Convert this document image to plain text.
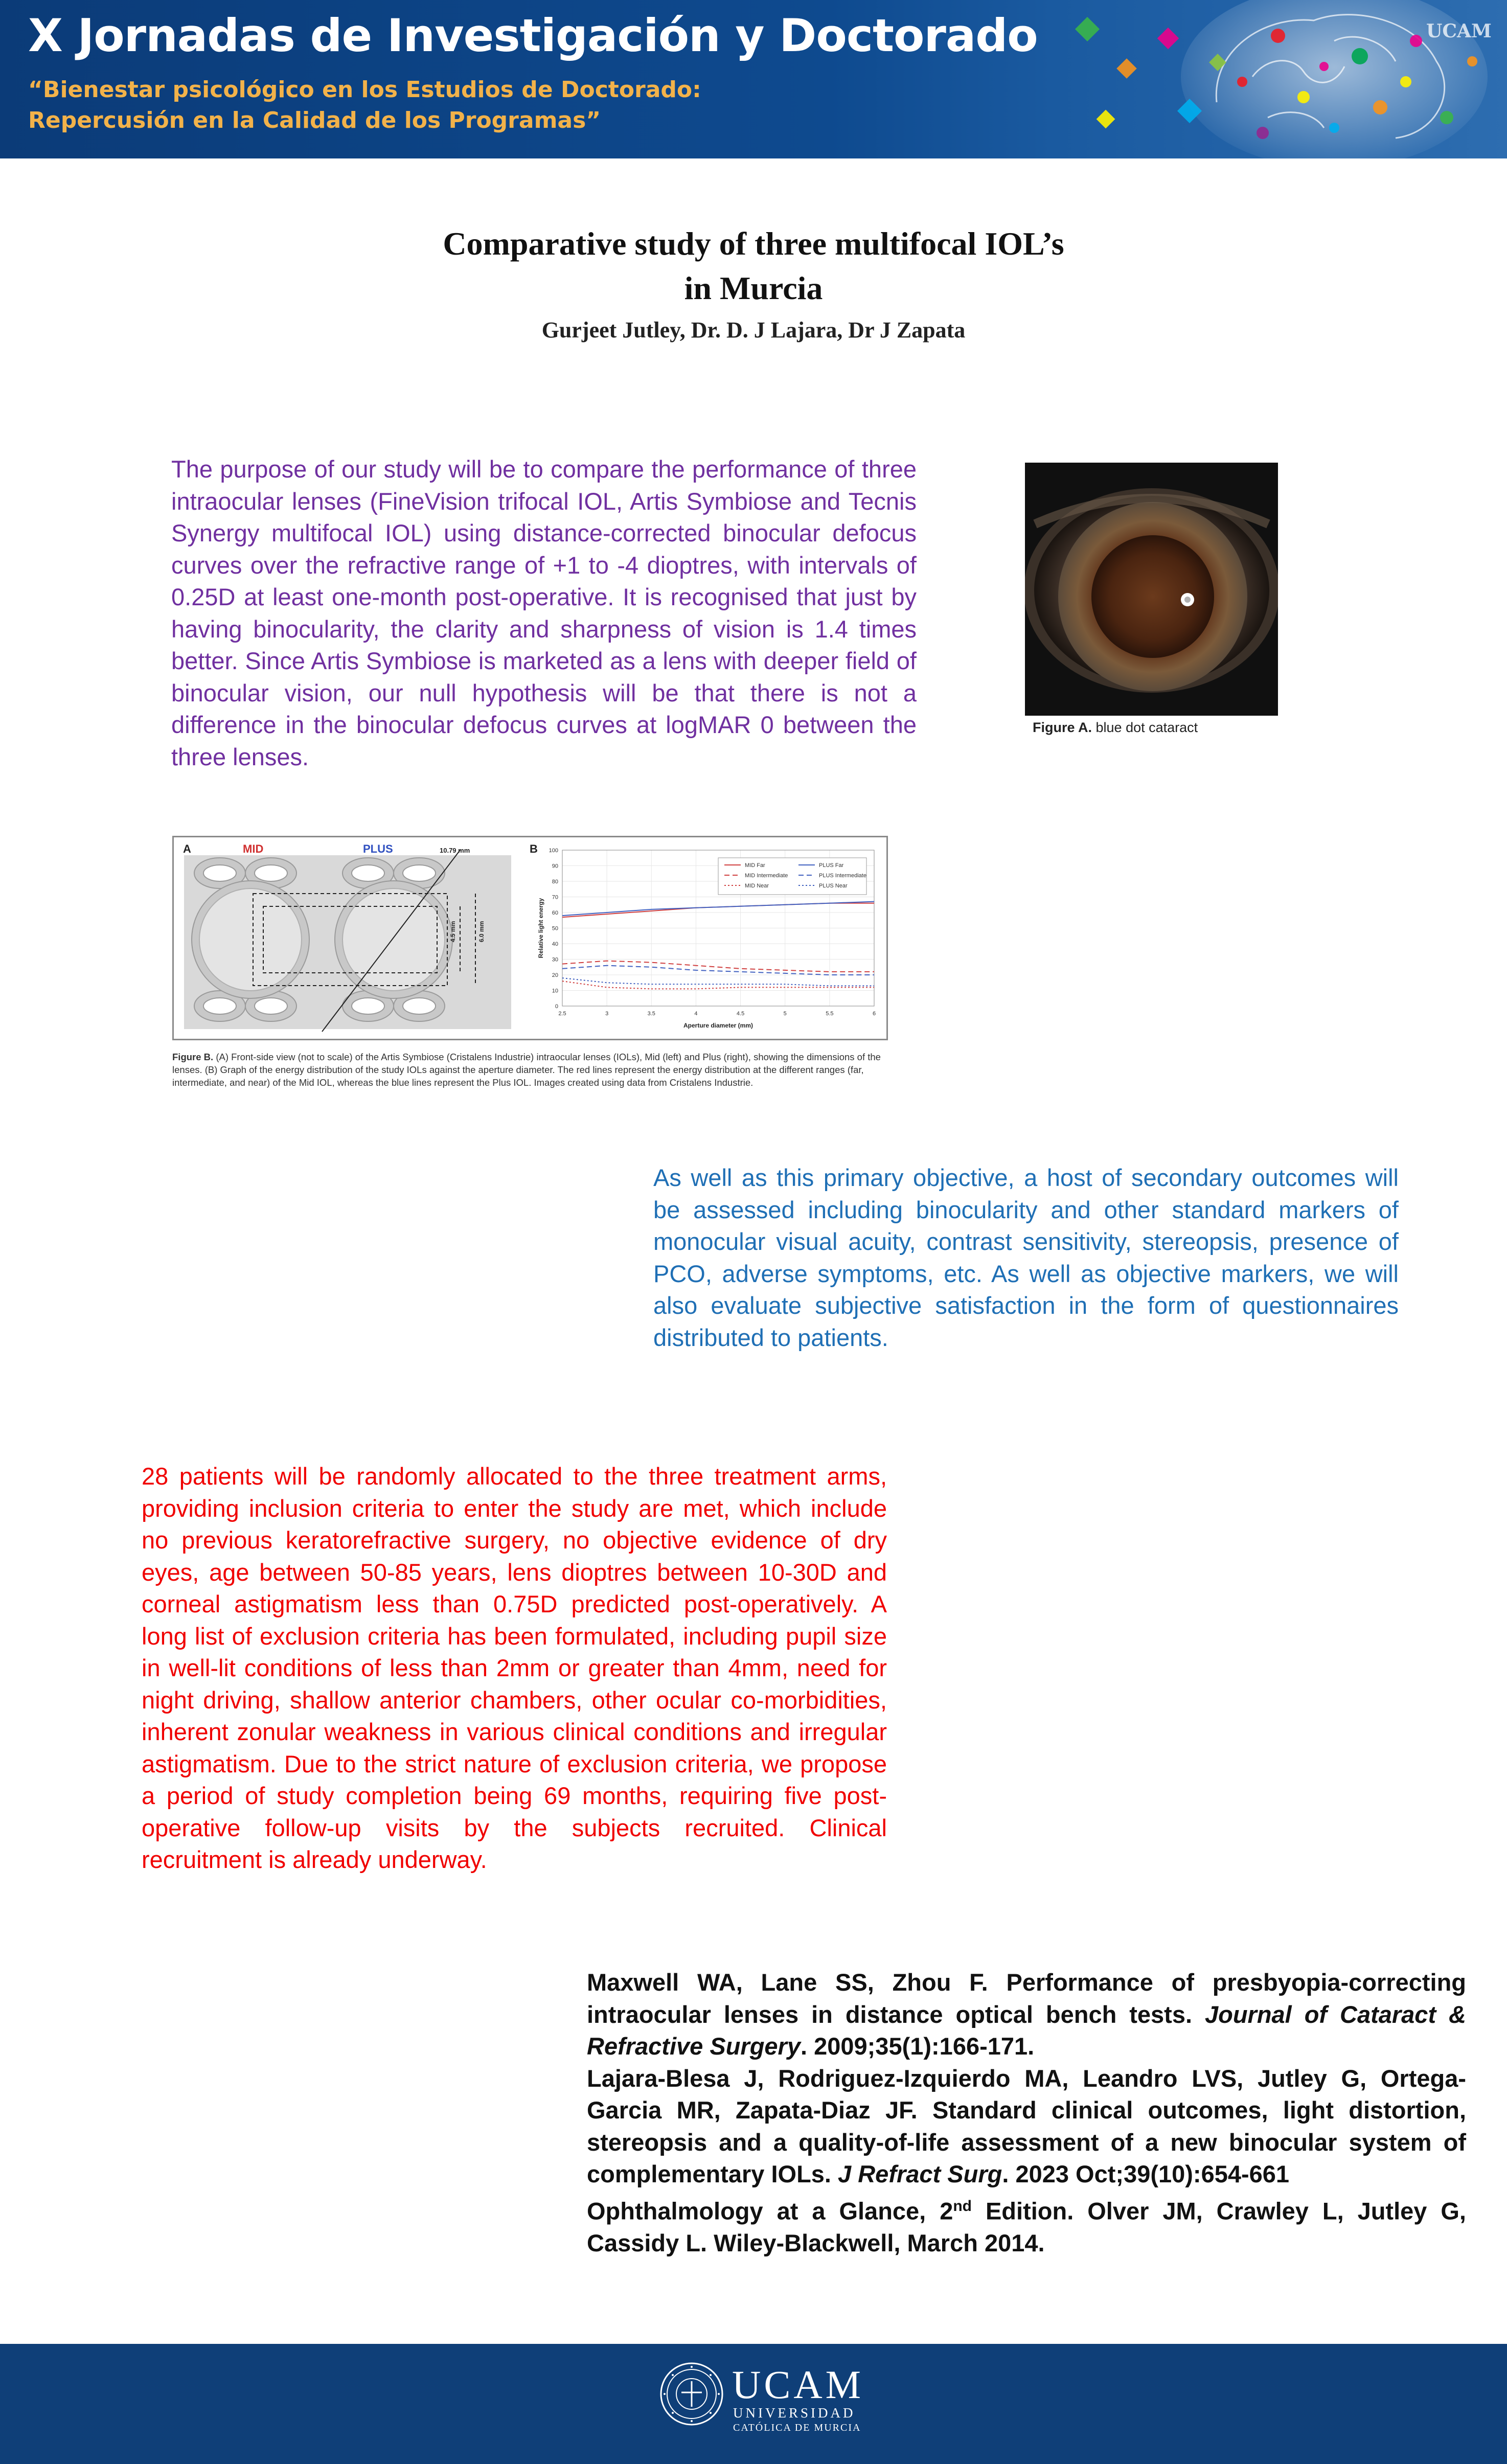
X Jornadas de Investigación y Doctorado
“Bienestar psicológico en los Estudios de Doctorado:
Repercusión en la Calidad de los Programas”
UCAM
Comparative study of three multifocal IOL’s
in Murcia
Gurjeet Jutley, Dr. D. J Lajara, Dr J Zapata
The purpose of our study will be to compare the performance of three intraocular lenses (FineVision trifocal IOL, Artis Symbiose and Tecnis Synergy multifocal IOL) using distance-corrected binocular defocus curves over the refractive range of +1 to -4 dioptres, with intervals of 0.25D at least one-month post-operative. It is recognised that just by having binocularity, the clarity and sharpness of vision is 1.4 times better. Since Artis Symbiose is marketed as a lens with deeper field of binocular vision, our null hypothesis will be that there is not a difference in the binocular defocus curves at logMAR 0 between the three lenses.
Figure A. blue dot cataract
A	MID	PLUS	10.79 mm
4.5 mm	6.0 mm
B
0
10
20
30
40
50
60
70
80
90
100
2.5	3	3.5	4	4.5	5	5.5	6
Aperture diameter (mm)
Relative light energy
MID Far
MID Intermediate
MID Near
PLUS Far
PLUS Intermediate
PLUS Near
Figure B. (A) Front-side view (not to scale) of the Artis Symbiose (Cristalens Industrie) intraocular lenses (IOLs), Mid (left) and Plus (right), showing the dimensions of the lenses. (B) Graph of the energy distribution of the study IOLs against the aperture diameter. The red lines represent the energy distribution at the different ranges (far, intermediate, and near) of the Mid IOL, whereas the blue lines represent the Plus IOL. Images created using data from Cristalens Industrie.
As well as this primary objective, a host of secondary outcomes will be assessed including binocularity and other standard markers of monocular visual acuity, contrast sensitivity, stereopsis, presence of PCO, adverse symptoms, etc. As well as objective markers, we will also evaluate subjective satisfaction in the form of questionnaires distributed to patients.
28 patients will be randomly allocated to the three treatment arms, providing inclusion criteria to enter the study are met, which include no previous keratorefractive surgery, no objective evidence of dry eyes, age between 50-85 years, lens dioptres between 10-30D and corneal astigmatism less than 0.75D predicted post-operatively. A long list of exclusion criteria has been formulated, including pupil size in well-lit conditions of less than 2mm or greater than 4mm, need for night driving, shallow anterior chambers, other ocular co-morbidities, inherent zonular weakness in various clinical conditions and irregular astigmatism. Due to the strict nature of exclusion criteria, we propose a period of study completion being 69 months, requiring five post-operative follow-up visits by the subjects recruited. Clinical recruitment is already underway.

Maxwell WA, Lane SS, Zhou F. Performance of presbyopia-correcting intraocular lenses in distance optical bench tests. Journal of Cataract & Refractive Surgery. 2009;35(1):166-171.

Lajara-Blesa J, Rodriguez-Izquierdo MA, Leandro LVS, Jutley G, Ortega-Garcia MR, Zapata-Diaz JF. Standard clinical outcomes, light distortion, stereopsis and a quality-of-life assessment of a new binocular system of complementary IOLs. J Refract Surg. 2023 Oct;39(10):654-661

Ophthalmology at a Glance, 2nd Edition. Olver JM, Crawley L, Jutley G, Cassidy L. Wiley-Blackwell, March 2014.

UCAM
UNIVERSIDAD
CATÓLICA DE MURCIA
